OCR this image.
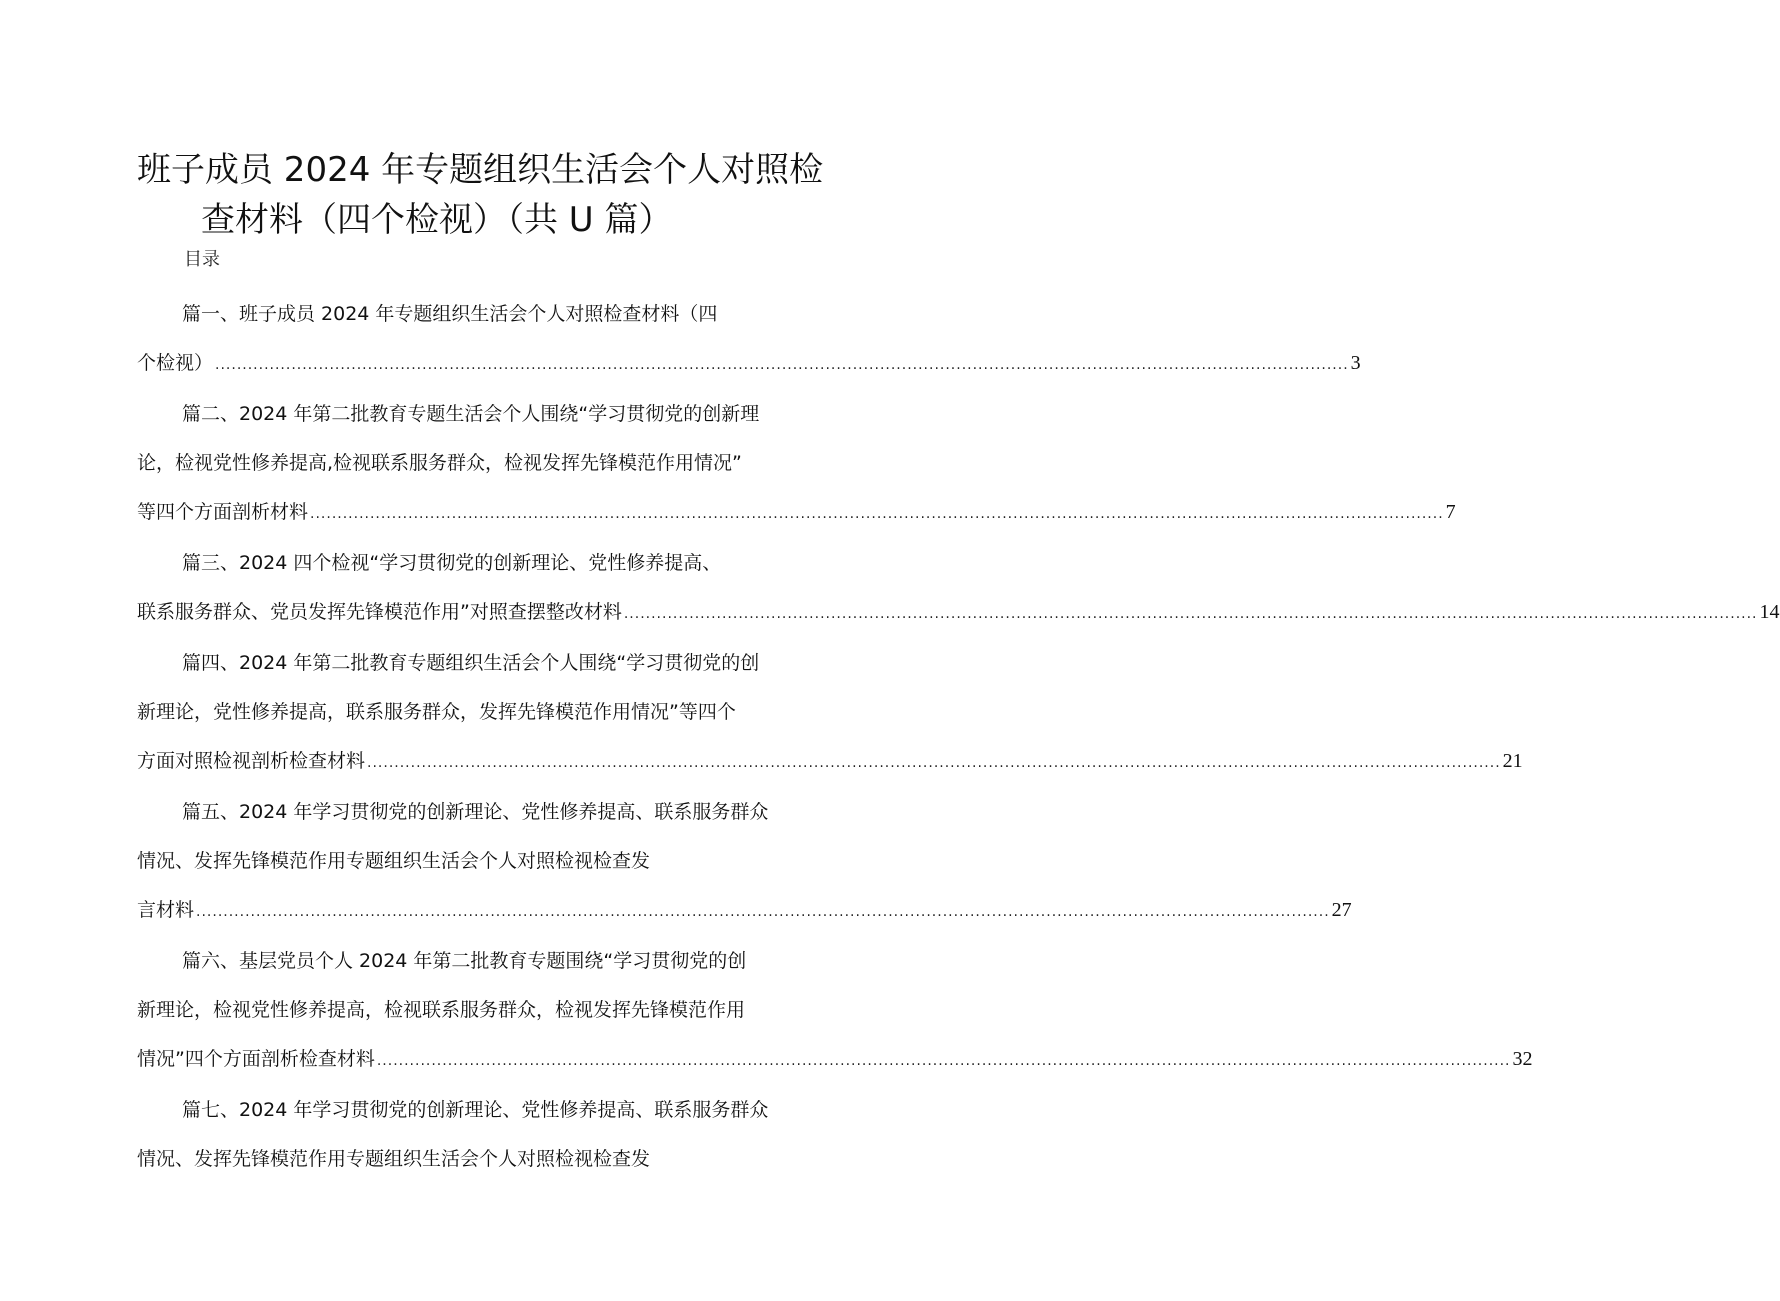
班子成员 2024 年专题组织生活会个人对照检
查材料（四个检视）（共 U 篇）
目录
篇一、班子成员 2024 年专题组织生活会个人对照检查材料（四
个检视） ................................................................................................................................................................................................................ 3
篇二、2024 年第二批教育专题生活会个人围绕“学习贯彻党的创新理
论，检视党性修养提高,检视联系服务群众，检视发挥先锋模范作用情况”
等四个方面剖析材料 ................................................................................................................................................................................................................ 7
篇三、2024 四个检视“学习贯彻党的创新理论、党性修养提高、
联系服务群众、党员发挥先锋模范作用”对照查摆整改材料 ................................................................................................................................................................................................................ 14
篇四、2024 年第二批教育专题组织生活会个人围绕“学习贯彻党的创
新理论，党性修养提高，联系服务群众，发挥先锋模范作用情况”等四个
方面对照检视剖析检查材料 ................................................................................................................................................................................................................ 21
篇五、2024 年学习贯彻党的创新理论、党性修养提高、联系服务群众
情况、发挥先锋模范作用专题组织生活会个人对照检视检查发
言材料 ................................................................................................................................................................................................................ 27
篇六、基层党员个人 2024 年第二批教育专题围绕“学习贯彻党的创
新理论，检视党性修养提高，检视联系服务群众，检视发挥先锋模范作用
情况”四个方面剖析检查材料 ................................................................................................................................................................................................................ 32
篇七、2024 年学习贯彻党的创新理论、党性修养提高、联系服务群众
情况、发挥先锋模范作用专题组织生活会个人对照检视检查发
